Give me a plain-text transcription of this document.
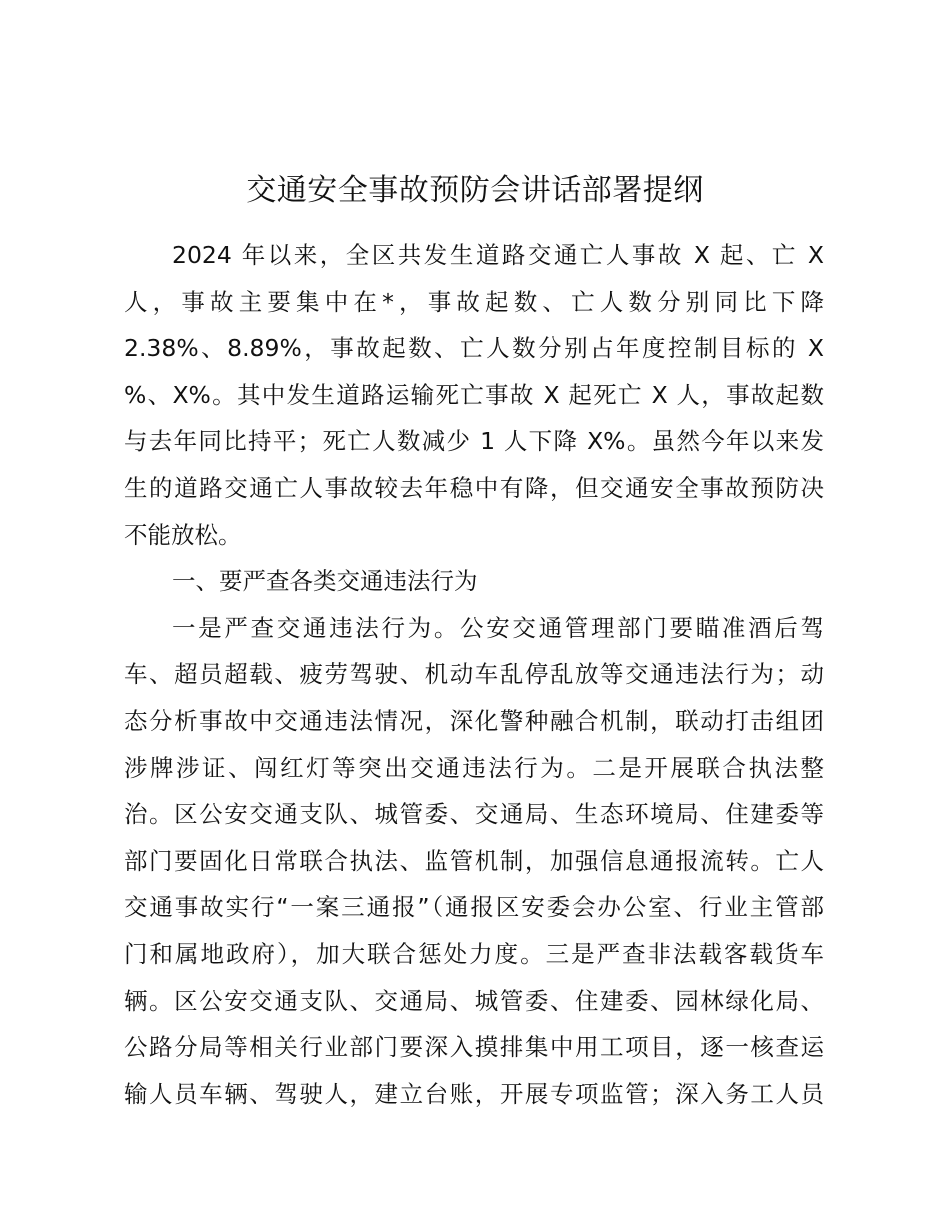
交通安全事故预防会讲话部署提纲
2024 年以来，全区共发生道路交通亡人事故 X 起、亡 X
人，事故主要集中在*，事故起数、亡人数分别同比下降
2.38%、8.89%，事故起数、亡人数分别占年度控制目标的 X
%、X%。其中发生道路运输死亡事故 X 起死亡 X 人，事故起数
与去年同比持平；死亡人数减少 1 人下降 X%。虽然今年以来发
生的道路交通亡人事故较去年稳中有降，但交通安全事故预防决
不能放松。
一、要严查各类交通违法行为
一是严查交通违法行为。公安交通管理部门要瞄准酒后驾
车、超员超载、疲劳驾驶、机动车乱停乱放等交通违法行为；动
态分析事故中交通违法情况，深化警种融合机制，联动打击组团
涉牌涉证、闯红灯等突出交通违法行为。二是开展联合执法整
治。区公安交通支队、城管委、交通局、生态环境局、住建委等
部门要固化日常联合执法、监管机制，加强信息通报流转。亡人
交通事故实行“一案三通报”（通报区安委会办公室、行业主管部
门和属地政府），加大联合惩处力度。三是严查非法载客载货车
辆。区公安交通支队、交通局、城管委、住建委、园林绿化局、
公路分局等相关行业部门要深入摸排集中用工项目，逐一核查运
输人员车辆、驾驶人，建立台账，开展专项监管；深入务工人员
